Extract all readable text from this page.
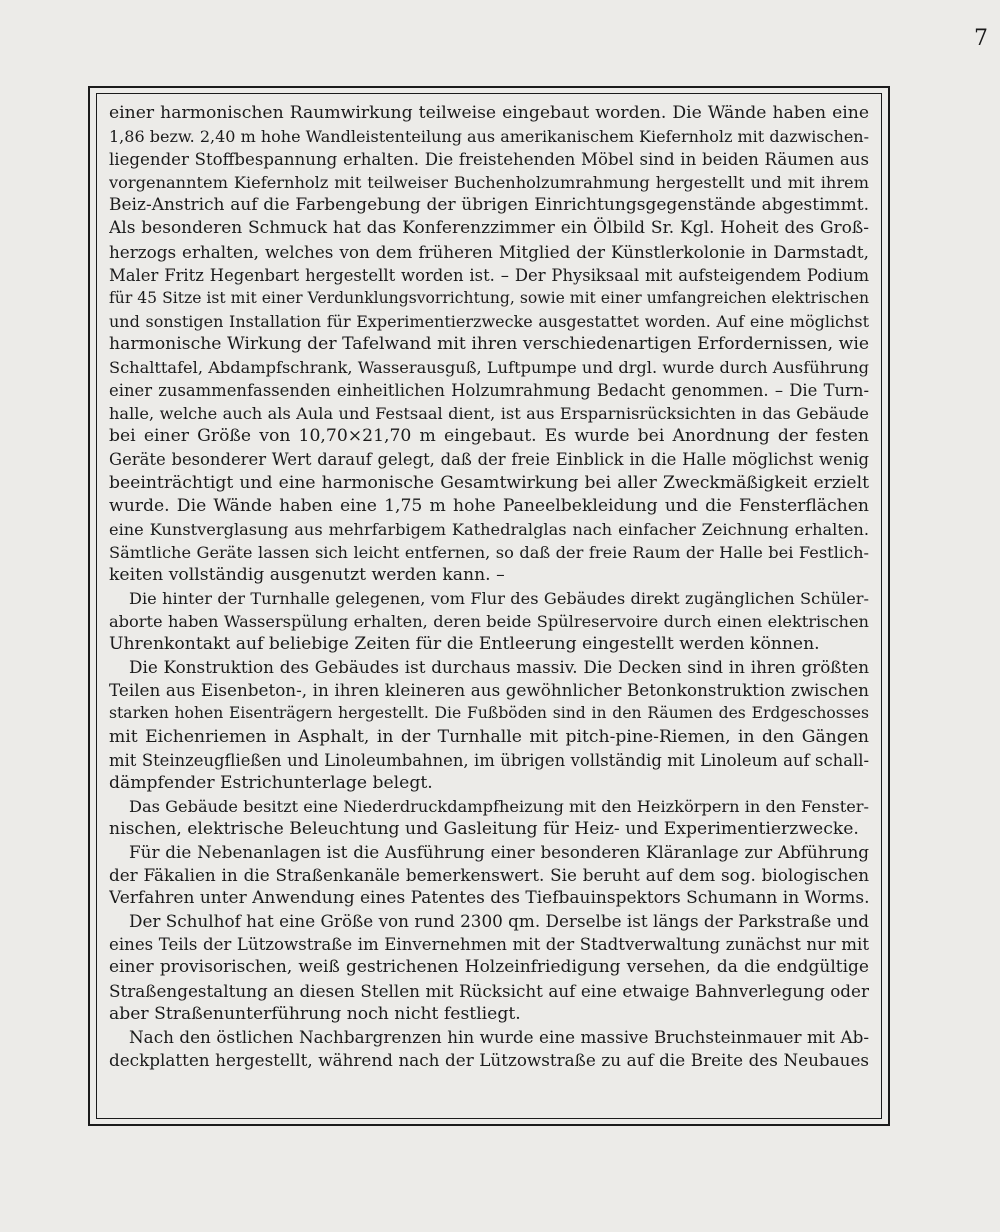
7
einer harmonischen Raumwirkung teilweise eingebaut worden. Die Wände haben eine
1,86 bezw. 2,40 m hohe Wandleistenteilung aus amerikanischem Kiefernholz mit dazwischen-
liegender Stoffbespannung erhalten. Die freistehenden Möbel sind in beiden Räumen aus
vorgenanntem Kiefernholz mit teilweiser Buchenholzumrahmung hergestellt und mit ihrem
Beiz-Anstrich auf die Farbengebung der übrigen Einrichtungsgegenstände abgestimmt.
Als besonderen Schmuck hat das Konferenzzimmer ein Ölbild Sr. Kgl. Hoheit des Groß-
herzogs erhalten, welches von dem früheren Mitglied der Künstlerkolonie in Darmstadt,
Maler Fritz Hegenbart hergestellt worden ist. – Der Physiksaal mit aufsteigendem Podium
für 45 Sitze ist mit einer Verdunklungsvorrichtung, sowie mit einer umfangreichen elektrischen
und sonstigen Installation für Experimentierzwecke ausgestattet worden. Auf eine möglichst
harmonische Wirkung der Tafelwand mit ihren verschiedenartigen Erfordernissen, wie
Schalttafel, Abdampfschrank, Wasserausguß, Luftpumpe und drgl. wurde durch Ausführung
einer zusammenfassenden einheitlichen Holzumrahmung Bedacht genommen. – Die Turn-
halle, welche auch als Aula und Festsaal dient, ist aus Ersparnisrücksichten in das Gebäude
bei einer Größe von 10,70×21,70 m eingebaut. Es wurde bei Anordnung der festen
Geräte besonderer Wert darauf gelegt, daß der freie Einblick in die Halle möglichst wenig
beeinträchtigt und eine harmonische Gesamtwirkung bei aller Zweckmäßigkeit erzielt
wurde. Die Wände haben eine 1,75 m hohe Paneelbekleidung und die Fensterflächen
eine Kunstverglasung aus mehrfarbigem Kathedralglas nach einfacher Zeichnung erhalten.
Sämtliche Geräte lassen sich leicht entfernen, so daß der freie Raum der Halle bei Festlich-
keiten vollständig ausgenutzt werden kann. –
Die hinter der Turnhalle gelegenen, vom Flur des Gebäudes direkt zugänglichen Schüler-
aborte haben Wasserspülung erhalten, deren beide Spülreservoire durch einen elektrischen
Uhrenkontakt auf beliebige Zeiten für die Entleerung eingestellt werden können.
Die Konstruktion des Gebäudes ist durchaus massiv. Die Decken sind in ihren größten
Teilen aus Eisenbeton-, in ihren kleineren aus gewöhnlicher Betonkonstruktion zwischen
starken hohen Eisenträgern hergestellt. Die Fußböden sind in den Räumen des Erdgeschosses
mit Eichenriemen in Asphalt, in der Turnhalle mit pitch-pine-Riemen, in den Gängen
mit Steinzeugfließen und Linoleumbahnen, im übrigen vollständig mit Linoleum auf schall-
dämpfender Estrichunterlage belegt.
Das Gebäude besitzt eine Niederdruckdampfheizung mit den Heizkörpern in den Fenster-
nischen, elektrische Beleuchtung und Gasleitung für Heiz- und Experimentierzwecke.
Für die Nebenanlagen ist die Ausführung einer besonderen Kläranlage zur Abführung
der Fäkalien in die Straßenkanäle bemerkenswert. Sie beruht auf dem sog. biologischen
Verfahren unter Anwendung eines Patentes des Tiefbauinspektors Schumann in Worms.
Der Schulhof hat eine Größe von rund 2300 qm. Derselbe ist längs der Parkstraße und
eines Teils der Lützowstraße im Einvernehmen mit der Stadtverwaltung zunächst nur mit
einer provisorischen, weiß gestrichenen Holzeinfriedigung versehen, da die endgültige
Straßengestaltung an diesen Stellen mit Rücksicht auf eine etwaige Bahnverlegung oder
aber Straßenunterführung noch nicht festliegt.
Nach den östlichen Nachbargrenzen hin wurde eine massive Bruchsteinmauer mit Ab-
deckplatten hergestellt, während nach der Lützowstraße zu auf die Breite des Neubaues
